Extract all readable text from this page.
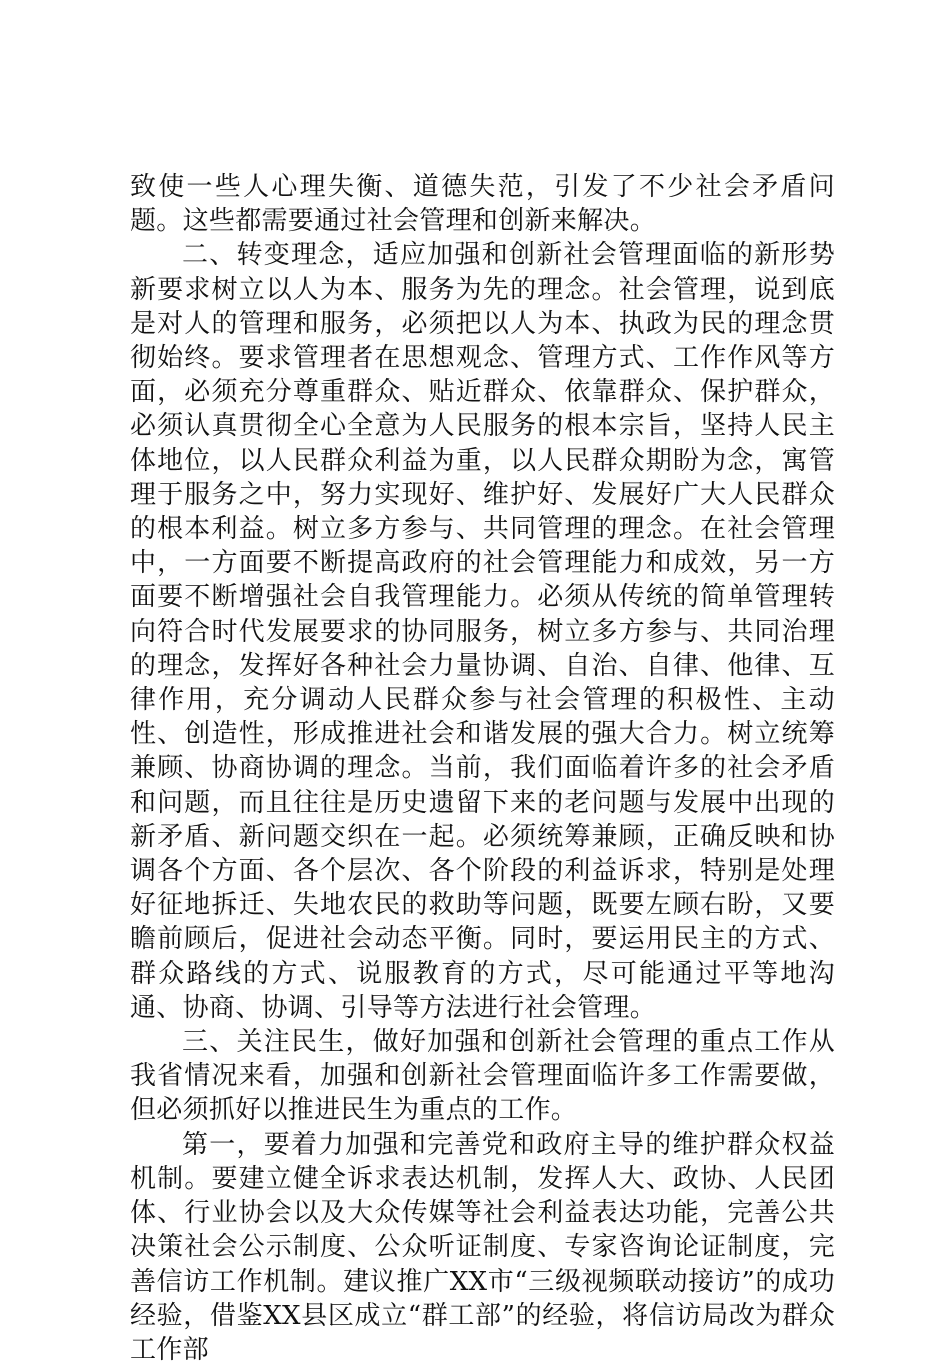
致使一些人心理失衡、道德失范，引发了不少社会矛盾问题。这些都需要通过社会管理和创新来解决。

二、转变理念，适应加强和创新社会管理面临的新形势新要求树立以人为本、服务为先的理念。社会管理，说到底是对人的管理和服务，必须把以人为本、执政为民的理念贯彻始终。要求管理者在思想观念、管理方式、工作作风等方面，必须充分尊重群众、贴近群众、依靠群众、保护群众，必须认真贯彻全心全意为人民服务的根本宗旨，坚持人民主体地位，以人民群众利益为重，以人民群众期盼为念，寓管理于服务之中，努力实现好、维护好、发展好广大人民群众的根本利益。树立多方参与、共同管理的理念。在社会管理中，一方面要不断提高政府的社会管理能力和成效，另一方面要不断增强社会自我管理能力。必须从传统的简单管理转向符合时代发展要求的协同服务，树立多方参与、共同治理的理念，发挥好各种社会力量协调、自治、自律、他律、互律作用，充分调动人民群众参与社会管理的积极性、主动性、创造性，形成推进社会和谐发展的强大合力。树立统筹兼顾、协商协调的理念。当前，我们面临着许多的社会矛盾和问题，而且往往是历史遗留下来的老问题与发展中出现的新矛盾、新问题交织在一起。必须统筹兼顾，正确反映和协调各个方面、各个层次、各个阶段的利益诉求，特别是处理好征地拆迁、失地农民的救助等问题，既要左顾右盼，又要瞻前顾后，促进社会动态平衡。同时，要运用民主的方式、群众路线的方式、说服教育的方式，尽可能通过平等地沟通、协商、协调、引导等方法进行社会管理。

三、关注民生，做好加强和创新社会管理的重点工作从我省情况来看，加强和创新社会管理面临许多工作需要做，但必须抓好以推进民生为重点的工作。

第一，要着力加强和完善党和政府主导的维护群众权益机制。要建立健全诉求表达机制，发挥人大、政协、人民团体、行业协会以及大众传媒等社会利益表达功能，完善公共决策社会公示制度、公众听证制度、专家咨询论证制度，完善信访工作机制。建议推广XX市“三级视频联动接访”的成功经验，借鉴XX县区成立“群工部”的经验，将信访局改为群众工作部
